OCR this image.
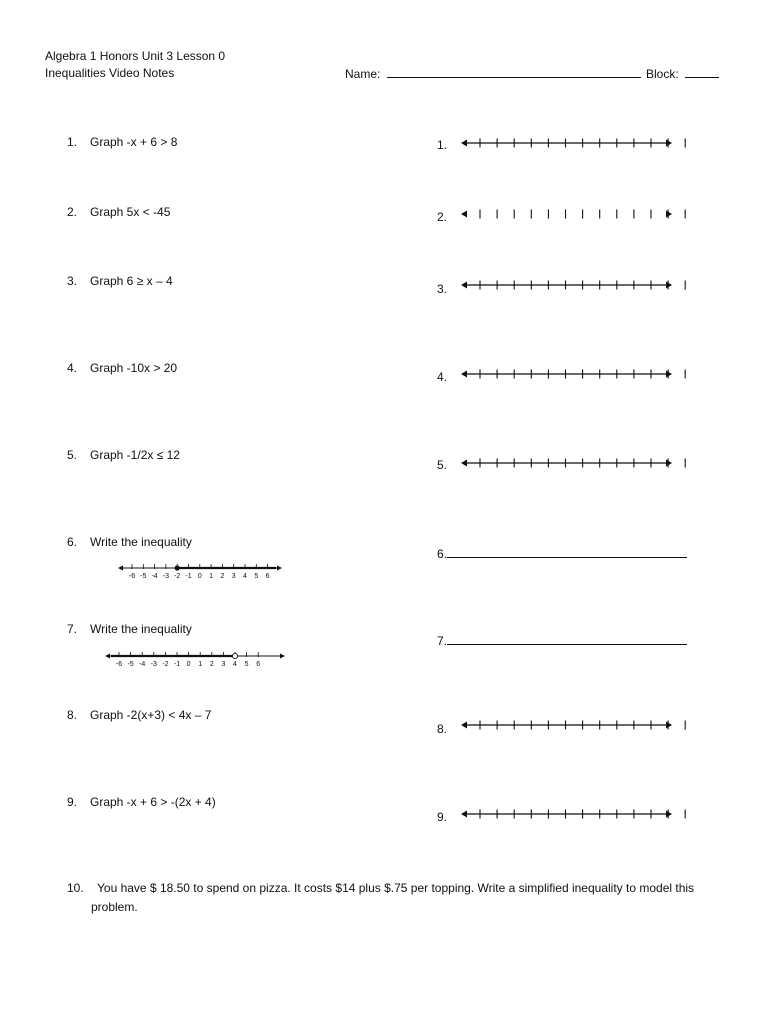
Algebra 1 Honors Unit 3 Lesson 0
Inequalities Video Notes	Name:	Block:
1. Graph -x + 6 > 8
2. Graph 5x < -45
3. Graph 6 ≥ x – 4
4. Graph -10x > 20
5. Graph -1/2x ≤ 12
6. Write the inequality
7. Write the inequality
8. Graph -2(x+3) < 4x – 7
9. Graph -x + 6 > -(2x + 4)
-6 -5 -4 -3 -2 -1 0 1 2 3 4 5 6
-6 -5 -4 -3 -2 -1 0 1 2 3 4 5 6
10.	You have $ 18.50 to spend on pizza. It costs $14 plus $.75 per topping. Write a simplified inequality to model this problem.
1.
2.
3.
4.
5.
6.
7.
8.
9.
